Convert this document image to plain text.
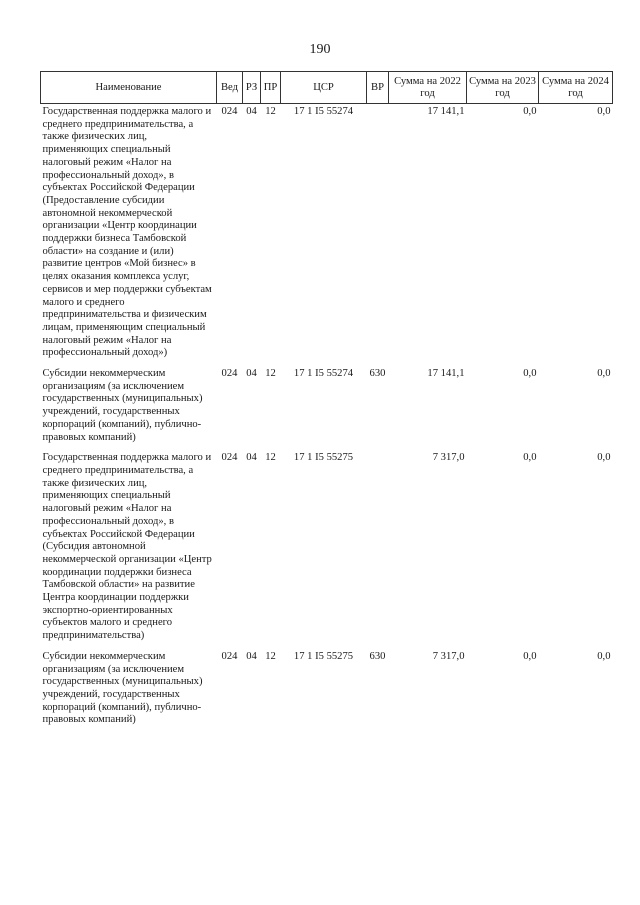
190
Наименование	Вед	РЗ	ПР	ЦСР	ВР	Сумма на 2022 год	Сумма на 2023 год	Сумма на 2024 год
Государственная поддержка малого и среднего предпринимательства, а также физических лиц, применяющих специальный налоговый режим «Налог на профессиональный доход», в субъектах Российской Федерации (Предоставление субсидии автономной некоммерческой организации «Центр координации поддержки бизнеса Тамбовской области» на создание и (или) развитие центров «Мой бизнес» в целях оказания комплекса услуг, сервисов и мер поддержки субъектам малого и среднего предпринимательства и физическим лицам, применяющим специальный налоговый режим «Налог на профессиональный доход»)	024	04	12	17 1 I5 55274		17 141,1	0,0	0,0
Субсидии некоммерческим организациям (за исключением государственных (муниципальных) учреждений, государственных корпораций (компаний), публично-правовых компаний)	024	04	12	17 1 I5 55274	630	17 141,1	0,0	0,0
Государственная поддержка малого и среднего предпринимательства, а также физических лиц, применяющих специальный налоговый режим «Налог на профессиональный доход», в субъектах Российской Федерации (Субсидия автономной некоммерческой организации «Центр координации поддержки бизнеса Тамбовской области» на развитие Центра координации поддержки экспортно-ориентированных субъектов малого и среднего предпринимательства)	024	04	12	17 1 I5 55275		7 317,0	0,0	0,0
Субсидии некоммерческим организациям (за исключением государственных (муниципальных) учреждений, государственных корпораций (компаний), публично-правовых компаний)	024	04	12	17 1 I5 55275	630	7 317,0	0,0	0,0
